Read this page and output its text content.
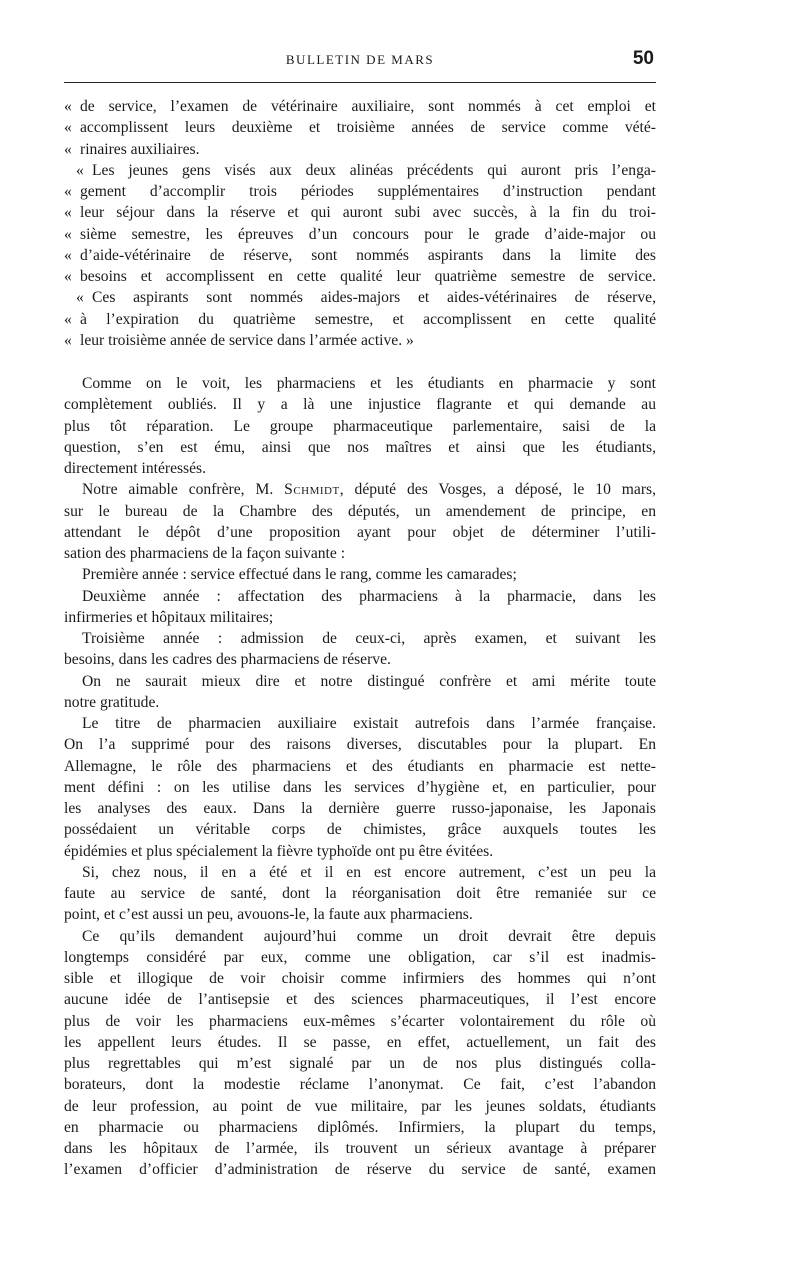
BULLETIN DE MARS	50

« de service, l’examen de vétérinaire auxiliaire, sont nommés à cet emploi et

« accomplissent leurs deuxième et troisième années de service comme vété-

« rinaires auxiliaires.

« Les jeunes gens visés aux deux alinéas précédents qui auront pris l’enga-

« gement d’accomplir trois périodes supplémentaires d’instruction pendant

« leur séjour dans la réserve et qui auront subi avec succès, à la fin du troi-

« sième semestre, les épreuves d’un concours pour le grade d’aide-major ou

« d’aide-vétérinaire de réserve, sont nommés aspirants dans la limite des

« besoins et accomplissent en cette qualité leur quatrième semestre de service.

« Ces aspirants sont nommés aides-majors et aides-vétérinaires de réserve,

« à l’expiration du quatrième semestre, et accomplissent en cette qualité

« leur troisième année de service dans l’armée active. »

Comme on le voit, les pharmaciens et les étudiants en pharmacie y sont

complètement oubliés. Il y a là une injustice flagrante et qui demande au

plus tôt réparation. Le groupe pharmaceutique parlementaire, saisi de la

question, s’en est ému, ainsi que nos maîtres et ainsi que les étudiants,

directement intéressés.

Notre aimable confrère, M. Schmidt, député des Vosges, a déposé, le 10 mars,

sur le bureau de la Chambre des députés, un amendement de principe, en

attendant le dépôt d’une proposition ayant pour objet de déterminer l’utili-

sation des pharmaciens de la façon suivante :

Première année : service effectué dans le rang, comme les camarades;

Deuxième année : affectation des pharmaciens à la pharmacie, dans les

infirmeries et hôpitaux militaires;

Troisième année : admission de ceux-ci, après examen, et suivant les

besoins, dans les cadres des pharmaciens de réserve.

On ne saurait mieux dire et notre distingué confrère et ami mérite toute

notre gratitude.

Le titre de pharmacien auxiliaire existait autrefois dans l’armée française.

On l’a supprimé pour des raisons diverses, discutables pour la plupart. En

Allemagne, le rôle des pharmaciens et des étudiants en pharmacie est nette-

ment défini : on les utilise dans les services d’hygiène et, en particulier, pour

les analyses des eaux. Dans la dernière guerre russo-japonaise, les Japonais

possédaient un véritable corps de chimistes, grâce auxquels toutes les

épidémies et plus spécialement la fièvre typhoïde ont pu être évitées.

Si, chez nous, il en a été et il en est encore autrement, c’est un peu la

faute au service de santé, dont la réorganisation doit être remaniée sur ce

point, et c’est aussi un peu, avouons-le, la faute aux pharmaciens.

Ce qu’ils demandent aujourd’hui comme un droit devrait être depuis

longtemps considéré par eux, comme une obligation, car s’il est inadmis-

sible et illogique de voir choisir comme infirmiers des hommes qui n’ont

aucune idée de l’antisepsie et des sciences pharmaceutiques, il l’est encore

plus de voir les pharmaciens eux-mêmes s’écarter volontairement du rôle où

les appellent leurs études. Il se passe, en effet, actuellement, un fait des

plus regrettables qui m’est signalé par un de nos plus distingués colla-

borateurs, dont la modestie réclame l’anonymat. Ce fait, c’est l’abandon

de leur profession, au point de vue militaire, par les jeunes soldats, étudiants

en pharmacie ou pharmaciens diplômés. Infirmiers, la plupart du temps,

dans les hôpitaux de l’armée, ils trouvent un sérieux avantage à préparer

l’examen d’officier d’administration de réserve du service de santé, examen
